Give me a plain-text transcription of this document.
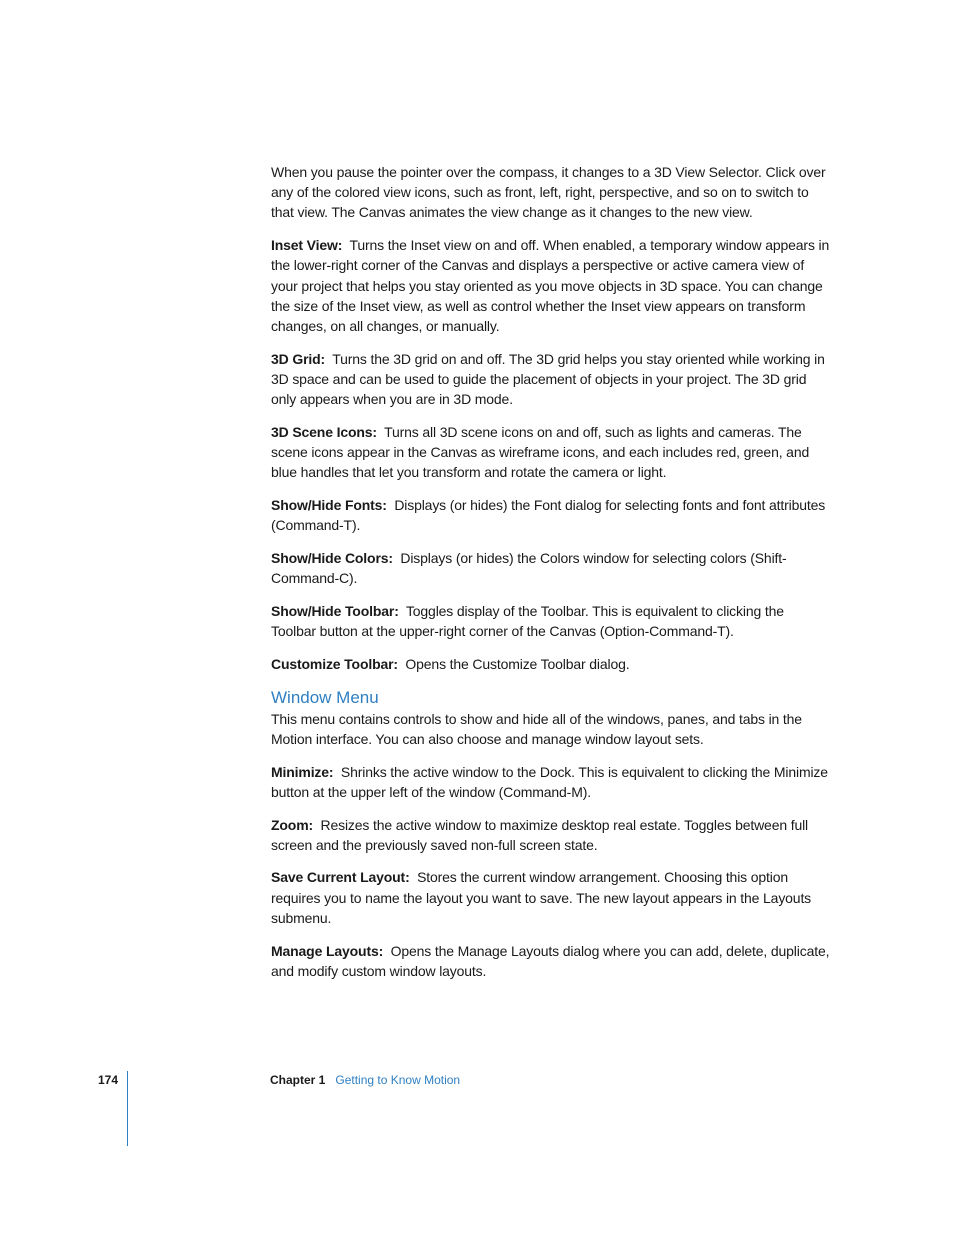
When you pause the pointer over the compass, it changes to a 3D View Selector. Click over any of the colored view icons, such as front, left, right, perspective, and so on to switch to that view. The Canvas animates the view change as it changes to the new view.

Inset View: Turns the Inset view on and off. When enabled, a temporary window appears in the lower-right corner of the Canvas and displays a perspective or active camera view of your project that helps you stay oriented as you move objects in 3D space. You can change the size of the Inset view, as well as control whether the Inset view appears on transform changes, on all changes, or manually.

3D Grid: Turns the 3D grid on and off. The 3D grid helps you stay oriented while working in 3D space and can be used to guide the placement of objects in your project. The 3D grid only appears when you are in 3D mode.

3D Scene Icons: Turns all 3D scene icons on and off, such as lights and cameras. The scene icons appear in the Canvas as wireframe icons, and each includes red, green, and blue handles that let you transform and rotate the camera or light.

Show/Hide Fonts: Displays (or hides) the Font dialog for selecting fonts and font attributes (Command-T).

Show/Hide Colors: Displays (or hides) the Colors window for selecting colors (Shift-Command-C).

Show/Hide Toolbar: Toggles display of the Toolbar. This is equivalent to clicking the Toolbar button at the upper-right corner of the Canvas (Option-Command-T).

Customize Toolbar: Opens the Customize Toolbar dialog.

Window Menu

This menu contains controls to show and hide all of the windows, panes, and tabs in the Motion interface. You can also choose and manage window layout sets.

Minimize: Shrinks the active window to the Dock. This is equivalent to clicking the Minimize button at the upper left of the window (Command-M).

Zoom: Resizes the active window to maximize desktop real estate. Toggles between full screen and the previously saved non-full screen state.

Save Current Layout: Stores the current window arrangement. Choosing this option requires you to name the layout you want to save. The new layout appears in the Layouts submenu.

Manage Layouts: Opens the Manage Layouts dialog where you can add, delete, duplicate, and modify custom window layouts.

174	Chapter 1 Getting to Know Motion
